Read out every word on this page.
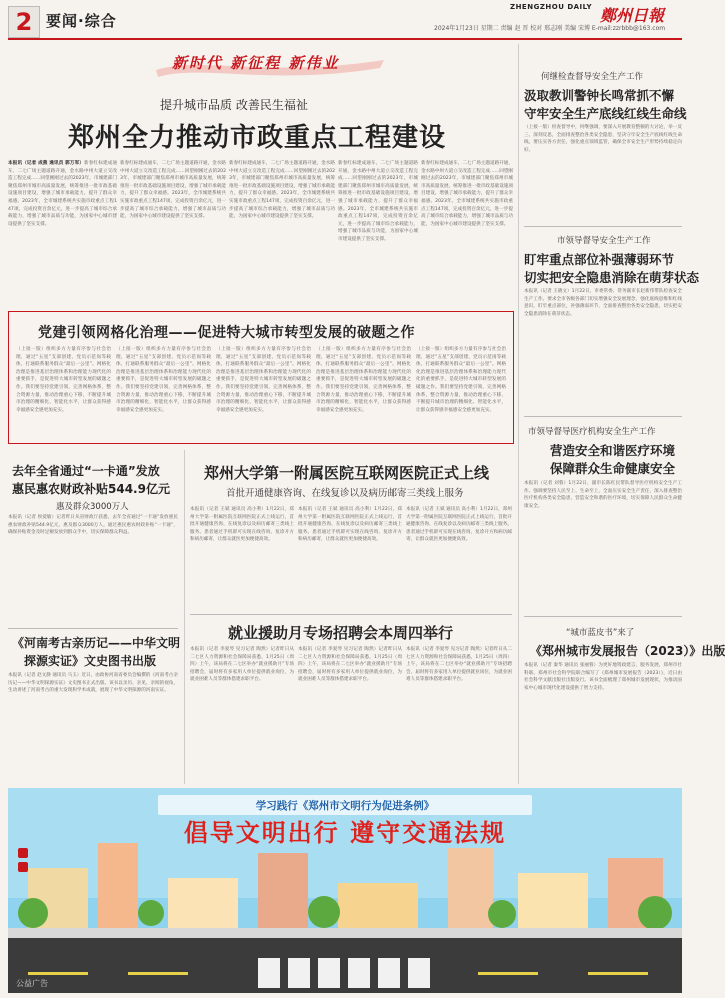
2 要闻·综合
ZHENGZHOU DAILY 鄭州日報
2024年1月23日 星期二 责编 赵 晋 校对 邢志刚 美编 宋博 E-mail:zzrbbb@163.com
新时代 新征程 新伟业
提升城市品质 改善民生福祉
郑州全力推动市政重点工程建设
本报讯（记者 成燕 通讯员 郭万军）新春红标建成通车，二七广场主题道路开通，金水路中州大道立交改造工程完成……回望刚刚过去的2023年，市城建部门聚焦郑州市城市高质量发展，统筹推进一批市政基础设施项目建设，增强了城市承载能力，提升了群众幸福感。2023年，全市城建系统共实施市政重点工程147项，完成投资百余亿元，进一步提高了城市综合承载能力，增强了城市品质与功能，为国家中心城市建设提供了坚实支撑。
新春红标建成通车，二七广场主题道路开通，金水路中州大道立交改造工程完成……回望刚刚过去的2023年，市城建部门聚焦郑州市城市高质量发展，统筹推进一批市政基础设施项目建设，增强了城市承载能力，提升了群众幸福感。2023年，全市城建系统共实施市政重点工程147项，完成投资百余亿元，进一步提高了城市综合承载能力，增强了城市品质与功能，为国家中心城市建设提供了坚实支撑。
新春红标建成通车，二七广场主题道路开通，金水路中州大道立交改造工程完成……回望刚刚过去的2023年，市城建部门聚焦郑州市城市高质量发展，统筹推进一批市政基础设施项目建设，增强了城市承载能力，提升了群众幸福感。2023年，全市城建系统共实施市政重点工程147项，完成投资百余亿元，进一步提高了城市综合承载能力，增强了城市品质与功能，为国家中心城市建设提供了坚实支撑。
新春红标建成通车，二七广场主题道路开通，金水路中州大道立交改造工程完成……回望刚刚过去的2023年，市城建部门聚焦郑州市城市高质量发展，统筹推进一批市政基础设施项目建设，增强了城市承载能力，提升了群众幸福感。2023年，全市城建系统共实施市政重点工程147项，完成投资百余亿元，进一步提高了城市综合承载能力，增强了城市品质与功能，为国家中心城市建设提供了坚实支撑。
新春红标建成通车，二七广场主题道路开通，金水路中州大道立交改造工程完成……回望刚刚过去的2023年，市城建部门聚焦郑州市城市高质量发展，统筹推进一批市政基础设施项目建设，增强了城市承载能力，提升了群众幸福感。2023年，全市城建系统共实施市政重点工程147项，完成投资百余亿元，进一步提高了城市综合承载能力，增强了城市品质与功能，为国家中心城市建设提供了坚实支撑。
何继检查督导安全生产工作
汲取教训警钟长鸣常抓不懈
守牢安全生产底线红线生命线
（上接一版）检查督导中，何继强调，要深入开展教育整顿的大讨论，举一反三、深刻反思，全面排查整治各类安全隐患，坚决守牢安全生产底线红线生命线。要压实各方责任，强化重点领域监管，确保全市安全生产形势持续稳定向好。
市领导督导安全生产工作
盯牢重点部位补强薄弱环节
切实把安全隐患消除在萌芽状态
本报讯（记者 王晓文）1月22日，市委常委、常务副市长赵新伟带队检查安全生产工作。要求全市各级各部门切实增强安全发展理念，强化底线思维和红线意识，盯牢重点部位，补强薄弱环节，全面排查整治各类安全隐患，切实把安全隐患消除在萌芽状态。
市领导督导医疗机构安全生产工作
营造安全和谐医疗环境
保障群众生命健康安全
本报讯（记者 刘蓉）1月22日，副市长陈红民带队督导医疗机构安全生产工作。强调要坚持人民至上、生命至上，全面压实安全生产责任，深入排查整治医疗机构各类安全隐患，营造安全和谐的医疗环境，切实保障人民群众生命健康安全。
“城市蓝皮书”来了
《郑州城市发展报告（2023）》出版
本报讯（记者 秦华 通讯员 张丽蓉）为更好地资政建言、服务发展，郑州市社科联、郑州市社会科学院联合编写了《郑州城市发展报告（2023）》，近日由社会科学文献出版社出版发行。该书全面梳理了郑州城市发展现状，为推动国家中心城市现代化建设提供了智力支持。
党建引领网格化治理——促进特大城市转型发展的破题之作
（上接一版）组织多方力量有序参与社会治理，通过“五星”支部创建、党员示范岗等载体，打通联系服务群众“最后一公里”。网格化治理是推进基层治理体系和治理能力现代化的重要抓手，是促进特大城市转型发展的破题之作。我们要坚持党建引领，完善网格体系，整合资源力量，推动治理重心下移，不断提升城市治理的精细化、智能化水平，让群众获得感幸福感安全感更加充实。
（上接一版）组织多方力量有序参与社会治理，通过“五星”支部创建、党员示范岗等载体，打通联系服务群众“最后一公里”。网格化治理是推进基层治理体系和治理能力现代化的重要抓手，是促进特大城市转型发展的破题之作。我们要坚持党建引领，完善网格体系，整合资源力量，推动治理重心下移，不断提升城市治理的精细化、智能化水平，让群众获得感幸福感安全感更加充实。
（上接一版）组织多方力量有序参与社会治理，通过“五星”支部创建、党员示范岗等载体，打通联系服务群众“最后一公里”。网格化治理是推进基层治理体系和治理能力现代化的重要抓手，是促进特大城市转型发展的破题之作。我们要坚持党建引领，完善网格体系，整合资源力量，推动治理重心下移，不断提升城市治理的精细化、智能化水平，让群众获得感幸福感安全感更加充实。
（上接一版）组织多方力量有序参与社会治理，通过“五星”支部创建、党员示范岗等载体，打通联系服务群众“最后一公里”。网格化治理是推进基层治理体系和治理能力现代化的重要抓手，是促进特大城市转型发展的破题之作。我们要坚持党建引领，完善网格体系，整合资源力量，推动治理重心下移，不断提升城市治理的精细化、智能化水平，让群众获得感幸福感安全感更加充实。
（上接一版）组织多方力量有序参与社会治理，通过“五星”支部创建、党员示范岗等载体，打通联系服务群众“最后一公里”。网格化治理是推进基层治理体系和治理能力现代化的重要抓手，是促进特大城市转型发展的破题之作。我们要坚持党建引领，完善网格体系，整合资源力量，推动治理重心下移，不断提升城市治理的精细化、智能化水平，让群众获得感幸福感安全感更加充实。
去年全省通过“一卡通”发放
惠民惠农财政补贴544.9亿元
惠及群众3000万人
本报讯（记者 侯爱敏）记者昨日从省财政厅获悉，去年全省通过“一卡通”发放惠民惠农财政补贴544.9亿元，惠及群众3000万人。通过惠民惠农财政补贴“一卡通”，确保补贴资金及时足额发放到群众手中，切实保障群众利益。
《河南考古亲历记——中华文明
探源实证》文史图书出版
本报讯（记者 赵文静 通讯员 马玉）近日，由政协河南省委员会编撰的《河南考古亲历记——中华文明探源实证》文史图书正式出版。该书以亲历、亲见、亲闻的视角，生动讲述了河南考古的重大发现和学术成就，展现了中华文明探源的河南实证。
郑州大学第一附属医院互联网医院正式上线
首批开通健康咨询、在线复诊以及病历邮寄三类线上服务
本报讯（记者 王斌 通讯员 高小利）1月22日，郑州大学第一附属医院互联网医院正式上线运行，首批开通健康咨询、在线复诊以及病历邮寄三类线上服务。患者通过手机即可实现在线咨询、复诊开方和病历邮寄，让群众就医更加便捷高效。
本报讯（记者 王斌 通讯员 高小利）1月22日，郑州大学第一附属医院互联网医院正式上线运行，首批开通健康咨询、在线复诊以及病历邮寄三类线上服务。患者通过手机即可实现在线咨询、复诊开方和病历邮寄，让群众就医更加便捷高效。
本报讯（记者 王斌 通讯员 高小利）1月22日，郑州大学第一附属医院互联网医院正式上线运行，首批开通健康咨询、在线复诊以及病历邮寄三类线上服务。患者通过手机即可实现在线咨询、复诊开方和病历邮寄，让群众就医更加便捷高效。
就业援助月专场招聘会本周四举行
本报讯（记者 李爱琴 见习记者 陶然）记者昨日从二七区人力资源和社会保障局获悉，1月25日（周四）上午，该局将在二七区举办“就业援助月”专场招聘会，届时将有多家用人单位提供就业岗位，为就业困难人员等群体搭建求职平台。
本报讯（记者 李爱琴 见习记者 陶然）记者昨日从二七区人力资源和社会保障局获悉，1月25日（周四）上午，该局将在二七区举办“就业援助月”专场招聘会，届时将有多家用人单位提供就业岗位，为就业困难人员等群体搭建求职平台。
本报讯（记者 李爱琴 见习记者 陶然）记者昨日从二七区人力资源和社会保障局获悉，1月25日（周四）上午，该局将在二七区举办“就业援助月”专场招聘会，届时将有多家用人单位提供就业岗位，为就业困难人员等群体搭建求职平台。
学习践行《郑州市文明行为促进条例》
倡导文明出行 遵守交通法规
公益广告
